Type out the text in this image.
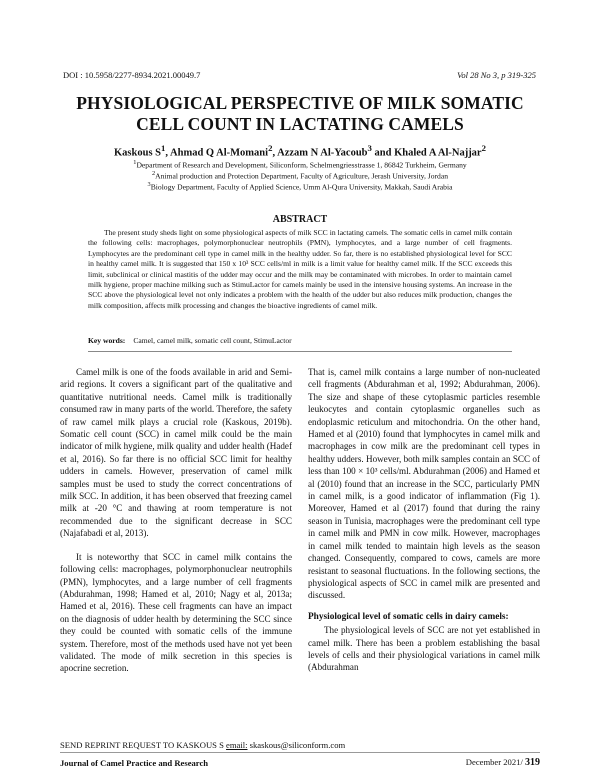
DOI : 10.5958/2277-8934.2021.00049.7	Vol 28 No 3, p 319-325
PHYSIOLOGICAL PERSPECTIVE OF MILK SOMATIC
CELL COUNT IN LACTATING CAMELS
Kaskous $S^1$, Ahmad Q Al-Momani$^2$, Azzam N Al-Yacoub$^3$ and Khaled A Al-Najjar$^2$
$^1$Department of Research and Development, Siliconform, Schelmengriesstrasse 1, 86842 Turkheim, Germany
$^2$Animal production and Protection Department, Faculty of Agriculture, Jerash University, Jordan
$^3$Biology Department, Faculty of Applied Science, Umm Al-Qura University, Makkah, Saudi Arabia
ABSTRACT
The present study sheds light on some physiological aspects of milk SCC in lactating camels. The somatic cells in camel milk contain the following cells: macrophages, polymorphonuclear neutrophils (PMN), lymphocytes, and a large number of cell fragments. Lymphocytes are the predominant cell type in camel milk in the healthy udder. So far, there is no established physiological level for SCC in healthy camel milk. It is suggested that 150 x 10³ SCC cells/ml in milk is a limit value for healthy camel milk. If the SCC exceeds this limit, subclinical or clinical mastitis of the udder may occur and the milk may be contaminated with microbes. In order to maintain camel milk hygiene, proper machine milking such as StimuLactor for camels mainly be used in the intensive housing systems. An increase in the SCC above the physiological level not only indicates a problem with the health of the udder but also reduces milk production, changes the milk composition, affects milk processing and changes the bioactive ingredients of camel milk.
Key words: Camel, camel milk, somatic cell count, StimuLactor

Camel milk is one of the foods available in arid and Semi-arid regions. It covers a significant part of the qualitative and quantitative nutritional needs. Camel milk is traditionally consumed raw in many parts of the world. Therefore, the safety of raw camel milk plays a crucial role (Kaskous, 2019b). Somatic cell count (SCC) in camel milk could be the main indicator of milk hygiene, milk quality and udder health (Hadef et al, 2016). So far there is no official SCC limit for healthy udders in camels. However, preservation of camel milk samples must be used to study the correct concentrations of milk SCC. In addition, it has been observed that freezing camel milk at -20 °C and thawing at room temperature is not recommended due to the significant decrease in SCC (Najafabadi et al, 2013).

It is noteworthy that SCC in camel milk contains the following cells: macrophages, polymorphonuclear neutrophils (PMN), lymphocytes, and a large number of cell fragments (Abdurahman, 1998; Hamed et al, 2010; Nagy et al, 2013a; Hamed et al, 2016). These cell fragments can have an impact on the diagnosis of udder health by determining the SCC since they could be counted with somatic cells of the immune system. Therefore, most of the methods used have not yet been validated. The mode of milk secretion in this species is apocrine secretion.

That is, camel milk contains a large number of non-nucleated cell fragments (Abdurahman et al, 1992; Abdurahman, 2006). The size and shape of these cytoplasmic particles resemble leukocytes and contain cytoplasmic organelles such as endoplasmic reticulum and mitochondria. On the other hand, Hamed et al (2010) found that lymphocytes in camel milk and macrophages in cow milk are the predominant cell types in healthy udders. However, both milk samples contain an SCC of less than 100 × 10³ cells/ml. Abdurahman (2006) and Hamed et al (2010) found that an increase in the SCC, particularly PMN in camel milk, is a good indicator of inflammation (Fig 1). Moreover, Hamed et al (2017) found that during the rainy season in Tunisia, macrophages were the predominant cell type in camel milk and PMN in cow milk. However, macrophages in camel milk tended to maintain high levels as the season changed. Consequently, compared to cows, camels are more resistant to seasonal fluctuations. In the following sections, the physiological aspects of SCC in camel milk are presented and discussed.

Physiological level of somatic cells in dairy camels:

The physiological levels of SCC are not yet established in camel milk. There has been a problem establishing the basal levels of cells and their physiological variations in camel milk (Abdurahman

SEND REPRINT REQUEST TO KASKOUS S email: skaskous@siliconform.com
Journal of Camel Practice and Research	December 2021/ 319
